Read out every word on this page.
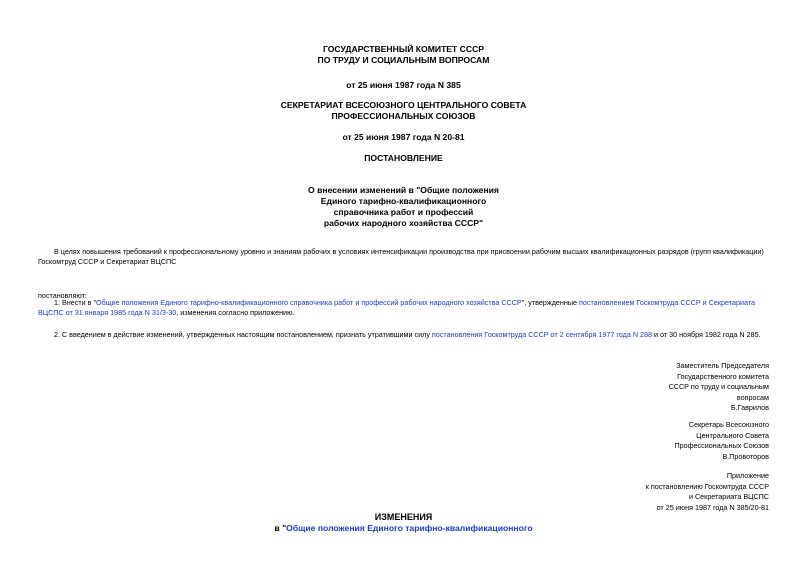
ГОСУДАРСТВЕННЫЙ КОМИТЕТ СССР
ПО ТРУДУ И СОЦИАЛЬНЫМ ВОПРОСАМ
от 25 июня 1987 года N 385
СЕКРЕТАРИАТ ВСЕСОЮЗНОГО ЦЕНТРАЛЬНОГО СОВЕТА
ПРОФЕССИОНАЛЬНЫХ СОЮЗОВ
от 25 июня 1987 года N 20-81
ПОСТАНОВЛЕНИЕ
О внесении изменений в "Общие положения
Единого тарифно-квалификационного
справочника работ и профессий
рабочих народного хозяйства СССР"
В целях повышения требований к профессиональному уровню и знаниям рабочих в условиях интенсификации производства при присвоении рабочим высших квалификационных разрядов (групп квалификации) Госкомтруд СССР и Секретариат ВЦСПС
постановляют:
1. Внести в "Общие положения Единого тарифно-квалификационного справочника работ и профессий рабочих народного хозяйства СССР", утвержденные постановлением Госкомтруда СССР и Секретариата ВЦСПС от 31 января 1985 года N 31/3-30, изменения согласно приложению.
2. С введением в действие изменений, утвержденных настоящим постановлением, признать утратившими силу постановления Госкомтруда СССР от 2 сентября 1977 года N 288 и от 30 ноября 1982 года N 285.
Заместитель Председателя
Государственного комитета
СССР по труду и социальным
вопросам
Б.Гаврилов
Секретарь Всесоюзного
Центрального Совета
Профессиональных Союзов
В.Провоторов
Приложение
к постановлению Госкомтруда СССР
и Секретариата ВЦСПС
от 25 июня 1987 года N 385/20-81
ИЗМЕНЕНИЯ
в "Общие положения Единого тарифно-квалификационного
